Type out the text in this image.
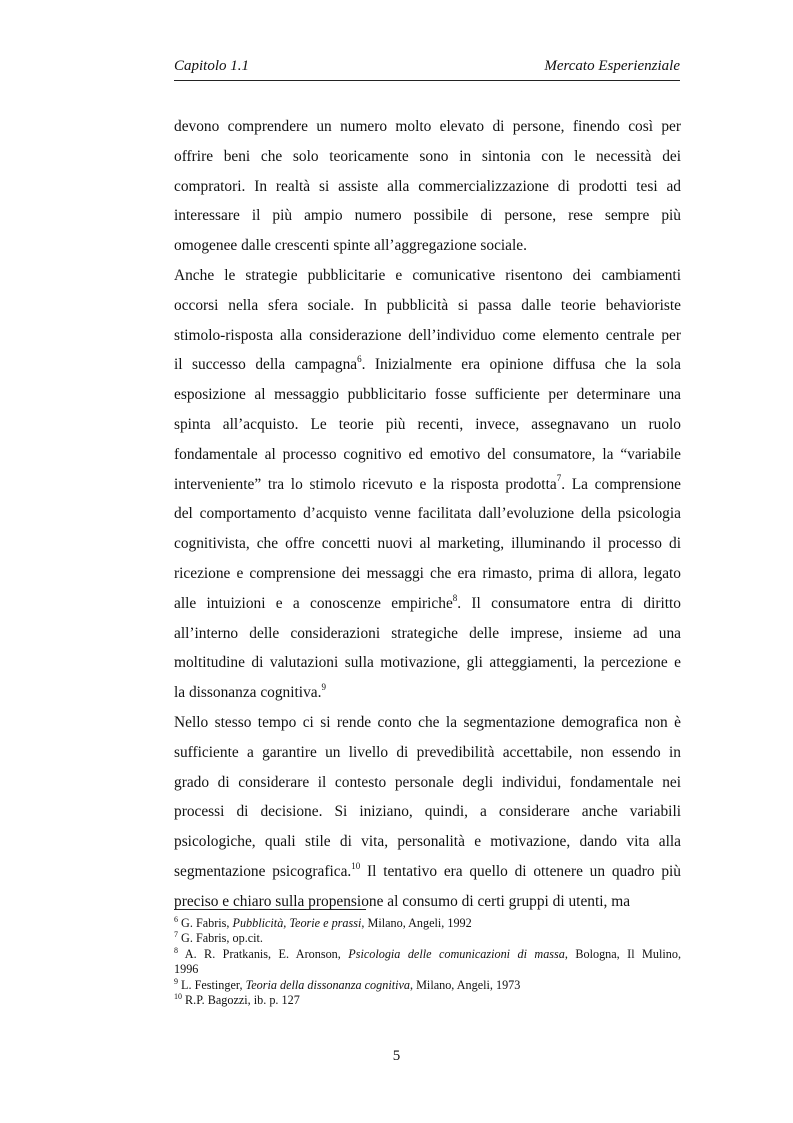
Capitolo 1.1	Mercato Esperienziale
devono comprendere un numero molto elevato di persone, finendo così per
offrire beni che solo teoricamente sono in sintonia con le necessità dei
compratori. In realtà si assiste alla commercializzazione di prodotti tesi ad
interessare il più ampio numero possibile di persone, rese sempre più
omogenee dalle crescenti spinte all’aggregazione sociale.
Anche le strategie pubblicitarie e comunicative risentono dei cambiamenti
occorsi nella sfera sociale. In pubblicità si passa dalle teorie behavioriste
stimolo-risposta alla considerazione dell’individuo come elemento centrale per
il successo della campagna$^6$. Inizialmente era opinione diffusa che la sola
esposizione al messaggio pubblicitario fosse sufficiente per determinare una
spinta all’acquisto. Le teorie più recenti, invece, assegnavano un ruolo
fondamentale al processo cognitivo ed emotivo del consumatore, la “variabile
interveniente” tra lo stimolo ricevuto e la risposta prodotta$^7$. La comprensione
del comportamento d’acquisto venne facilitata dall’evoluzione della psicologia
cognitivista, che offre concetti nuovi al marketing, illuminando il processo di
ricezione e comprensione dei messaggi che era rimasto, prima di allora, legato
alle intuizioni e a conoscenze empiriche$^8$. Il consumatore entra di diritto
all’interno delle considerazioni strategiche delle imprese, insieme ad una
moltitudine di valutazioni sulla motivazione, gli atteggiamenti, la percezione e
la dissonanza cognitiva.$^9$
Nello stesso tempo ci si rende conto che la segmentazione demografica non è
sufficiente a garantire un livello di prevedibilità accettabile, non essendo in
grado di considerare il contesto personale degli individui, fondamentale nei
processi di decisione. Si iniziano, quindi, a considerare anche variabili
psicologiche, quali stile di vita, personalità e motivazione, dando vita alla
segmentazione psicografica.$^{10}$ Il tentativo era quello di ottenere un quadro più
preciso e chiaro sulla propensione al consumo di certi gruppi di utenti, ma
$^6$ G. Fabris, Pubblicità, Teorie e prassi, Milano, Angeli, 1992
$^7$ G. Fabris, op.cit.
$^8$ A. R. Pratkanis, E. Aronson, Psicologia delle comunicazioni di massa, Bologna, Il Mulino,
1996
$^9$ L. Festinger, Teoria della dissonanza cognitiva, Milano, Angeli, 1973
$^{10}$ R.P. Bagozzi, ib. p. 127
5
